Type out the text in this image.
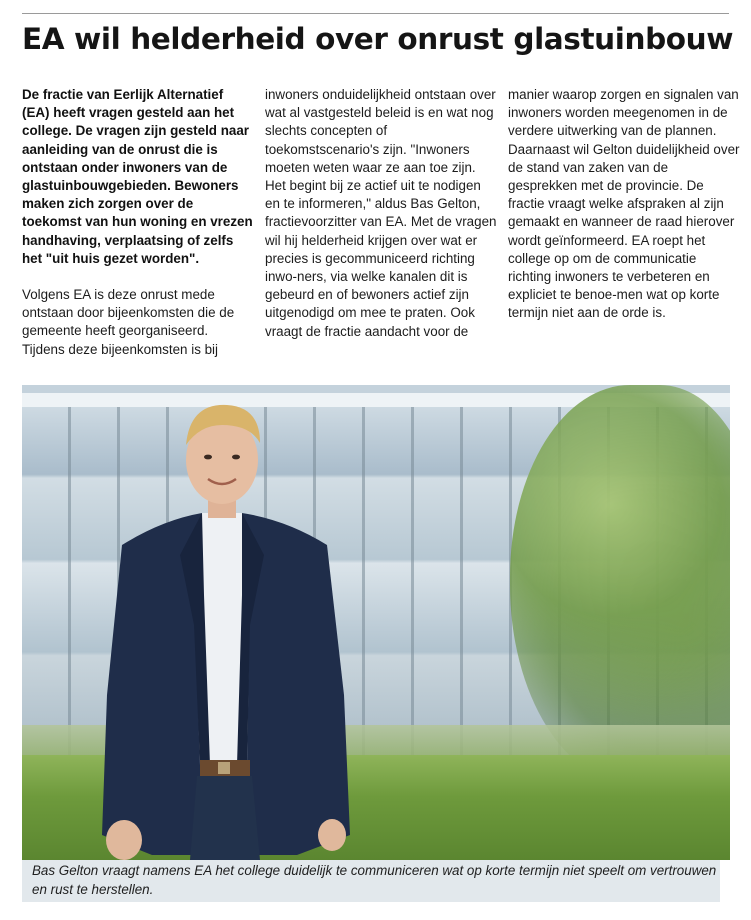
EA wil helderheid over onrust glastuinbouw

De fractie van Eerlijk Alternatief (EA) heeft vragen gesteld aan het college. De vragen zijn gesteld naar aanleiding van de onrust die is ontstaan onder inwoners van de glastuinbouwgebieden. Bewoners maken zich zorgen over de toekomst van hun woning en vrezen handhaving, verplaatsing of zelfs het "uit huis gezet worden".

Volgens EA is deze onrust mede ontstaan door bijeenkomsten die de gemeente heeft georganiseerd. Tijdens deze bijeenkomsten is bij

inwoners onduidelijkheid ontstaan over wat al vastgesteld beleid is en wat nog slechts concepten of toekomstscenario's zijn. "Inwoners moeten weten waar ze aan toe zijn. Het begint bij ze actief uit te nodigen en te informeren," aldus Bas Gelton, fractievoorzitter van EA. Met de vragen wil hij helderheid krijgen over wat er precies is gecommuniceerd richting inwo-ners, via welke kanalen dit is gebeurd en of bewoners actief zijn uitgenodigd om mee te praten. Ook vraagt de fractie aandacht voor de

manier waarop zorgen en signalen van inwoners worden meegenomen in de verdere uitwerking van de plannen.

Daarnaast wil Gelton duidelijkheid over de stand van zaken van de gesprekken met de provincie. De fractie vraagt welke afspraken al zijn gemaakt en wanneer de raad hierover wordt geïnformeerd. EA roept het college op om de communicatie richting inwoners te verbeteren en expliciet te benoe-men wat op korte termijn niet aan de orde is.

Bas Gelton vraagt namens EA het college duidelijk te communiceren wat op korte termijn niet speelt om vertrouwen en rust te herstellen.
